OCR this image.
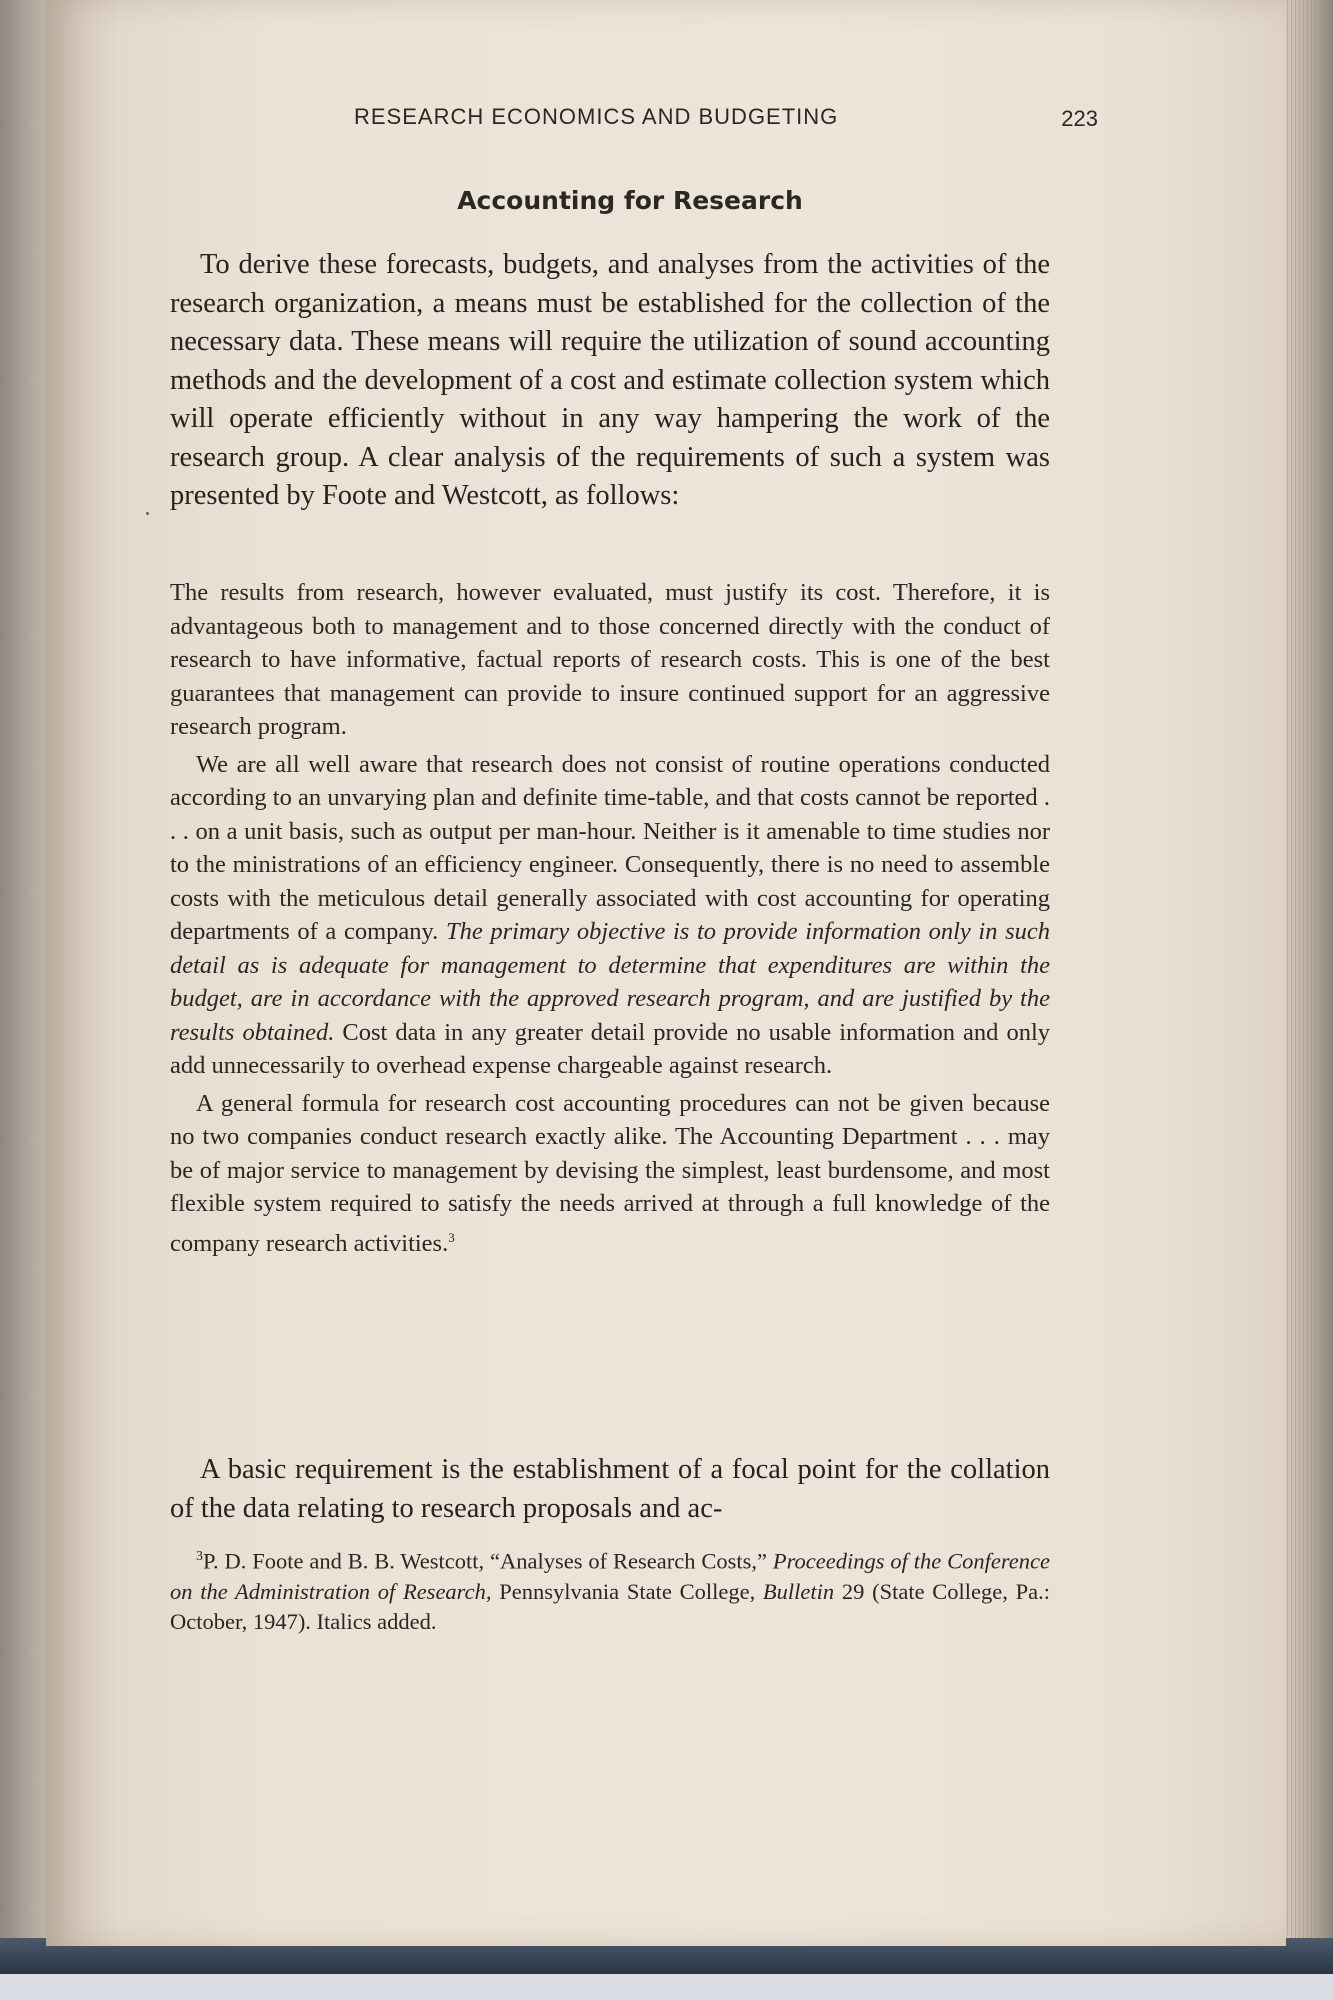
RESEARCH ECONOMICS AND BUDGETING	223
Accounting for Research
To derive these forecasts, budgets, and analyses from the activities of the research organization, a means must be established for the collection of the necessary data. These means will require the utilization of sound accounting methods and the development of a cost and estimate collection system which will operate efficiently without in any way hampering the work of the research group. A clear analysis of the requirements of such a system was presented by Foote and Westcott, as follows:

The results from research, however evaluated, must justify its cost. Therefore, it is advantageous both to management and to those concerned directly with the conduct of research to have informative, factual reports of research costs. This is one of the best guarantees that management can provide to insure continued support for an aggressive research program.

We are all well aware that research does not consist of routine operations conducted according to an unvarying plan and definite time-table, and that costs cannot be reported . . . on a unit basis, such as output per man-hour. Neither is it amenable to time studies nor to the ministrations of an efficiency engineer. Consequently, there is no need to assemble costs with the meticulous detail generally associated with cost accounting for operating departments of a company. The primary objective is to provide information only in such detail as is adequate for management to determine that expenditures are within the budget, are in accordance with the approved research program, and are justified by the results obtained. Cost data in any greater detail provide no usable information and only add unnecessarily to overhead expense chargeable against research.

A general formula for research cost accounting procedures can not be given because no two companies conduct research exactly alike. The Accounting Department . . . may be of major service to management by devising the simplest, least burdensome, and most flexible system required to satisfy the needs arrived at through a full knowledge of the company research activities.$^3$

A basic requirement is the establishment of a focal point for the collation of the data relating to research proposals and ac-
$^3$P. D. Foote and B. B. Westcott, “Analyses of Research Costs,” Proceedings of the Conference on the Administration of Research, Pennsylvania State College, Bulletin 29 (State College, Pa.: October, 1947). Italics added.
